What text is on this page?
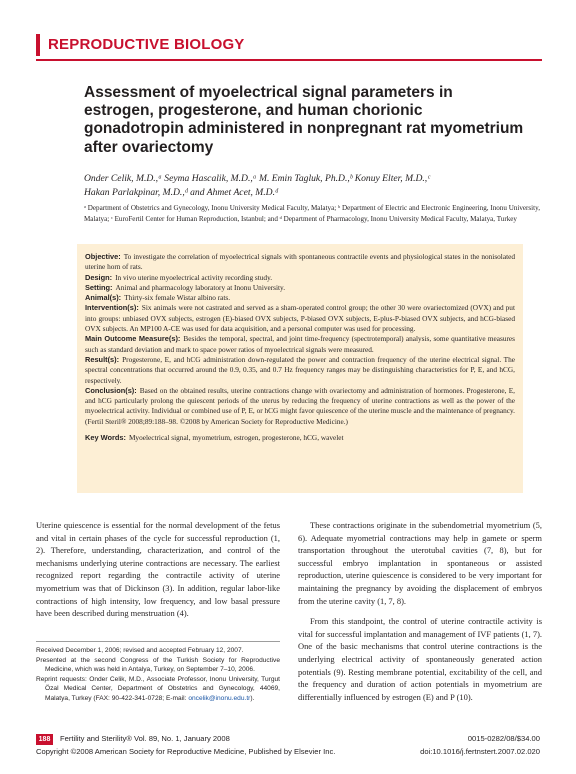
REPRODUCTIVE BIOLOGY
Assessment of myoelectrical signal parameters in estrogen, progesterone, and human chorionic gonadotropin administered in nonpregnant rat myometrium after ovariectomy
Onder Celik, M.D.,ᵃ Seyma Hascalik, M.D.,ᵃ M. Emin Tagluk, Ph.D.,ᵇ Konuy Elter, M.D.,ᶜ
Hakan Parlakpinar, M.D.,ᵈ and Ahmet Acet, M.D.ᵈ
ᵃ Department of Obstetrics and Gynecology, Inonu University Medical Faculty, Malatya; ᵇ Department of Electric and Electronic Engineering, Inonu University, Malatya; ᶜ EuroFertil Center for Human Reproduction, Istanbul; and ᵈ Department of Pharmacology, Inonu University Medical Faculty, Malatya, Turkey

Objective: To investigate the correlation of myoelectrical signals with spontaneous contractile events and physiological states in the nonisolated uterine horn of rats.

Design: In vivo uterine myoelectrical activity recording study.

Setting: Animal and pharmacology laboratory at Inonu University.

Animal(s): Thirty-six female Wistar albino rats.

Intervention(s): Six animals were not castrated and served as a sham-operated control group; the other 30 were ovariectomized (OVX) and put into groups: unbiased OVX subjects, estrogen (E)-biased OVX subjects, P-biased OVX subjects, E-plus-P-biased OVX subjects, and hCG-biased OVX subjects. An MP100 A-CE was used for data acquisition, and a personal computer was used for processing.

Main Outcome Measure(s): Besides the temporal, spectral, and joint time-frequency (spectrotemporal) analysis, some quantitative measures such as standard deviation and mark to space power ratios of myoelectrical signals were measured.

Result(s): Progesterone, E, and hCG administration down-regulated the power and contraction frequency of the uterine electrical signal. The spectral concentrations that occurred around the 0.9, 0.35, and 0.7 Hz frequency ranges may be distinguishing characteristics for P, E, and hCG, respectively.

Conclusion(s): Based on the obtained results, uterine contractions change with ovariectomy and administration of hormones. Progesterone, E, and hCG particularly prolong the quiescent periods of the uterus by reducing the frequency of uterine contractions as well as the power of the myoelectrical activity. Individual or combined use of P, E, or hCG might favor quiescence of the uterine muscle and the maintenance of pregnancy. (Fertil Steril® 2008;89:188–98. ©2008 by American Society for Reproductive Medicine.)

Key Words: Myoelectrical signal, myometrium, estrogen, progesterone, hCG, wavelet

Uterine quiescence is essential for the normal development of the fetus and vital in certain phases of the cycle for successful reproduction (1, 2). Therefore, understanding, characterization, and control of the mechanisms underlying uterine contractions are necessary. The earliest recognized report regarding the contractile activity of uterine myometrium was that of Dickinson (3). In addition, regular labor-like contractions of high intensity, low frequency, and low basal pressure have been described during menstruation (4).

These contractions originate in the subendometrial myometrium (5, 6). Adequate myometrial contractions may help in gamete or sperm transportation throughout the uterotubal cavities (7, 8), but for successful embryo implantation in spontaneous or assisted reproduction, uterine quiescence is considered to be very important for maintaining the pregnancy by avoiding the displacement of embryos from the uterine cavity (1, 7, 8).

From this standpoint, the control of uterine contractile activity is vital for successful implantation and management of IVF patients (1, 7). One of the basic mechanisms that control uterine contractions is the underlying electrical activity of spontaneously generated action potentials (9). Resting membrane potential, excitability of the cell, and the frequency and duration of action potentials in myometrium are differentially influenced by estrogen (E) and P (10).

Received December 1, 2006; revised and accepted February 12, 2007.

Presented at the second Congress of the Turkish Society for Reproductive Medicine, which was held in Antalya, Turkey, on September 7–10, 2006.

Reprint requests: Onder Celik, M.D., Associate Professor, Inonu University, Turgut Özal Medical Center, Department of Obstetrics and Gynecology, 44069, Malatya, Turkey (FAX: 90-422-341-0728; E-mail: oncelik@inonu.edu.tr).

188	Fertility and Sterility® Vol. 89, No. 1, January 2008
Copyright ©2008 American Society for Reproductive Medicine, Published by Elsevier Inc.
0015-0282/08/$34.00
doi:10.1016/j.fertnstert.2007.02.020
